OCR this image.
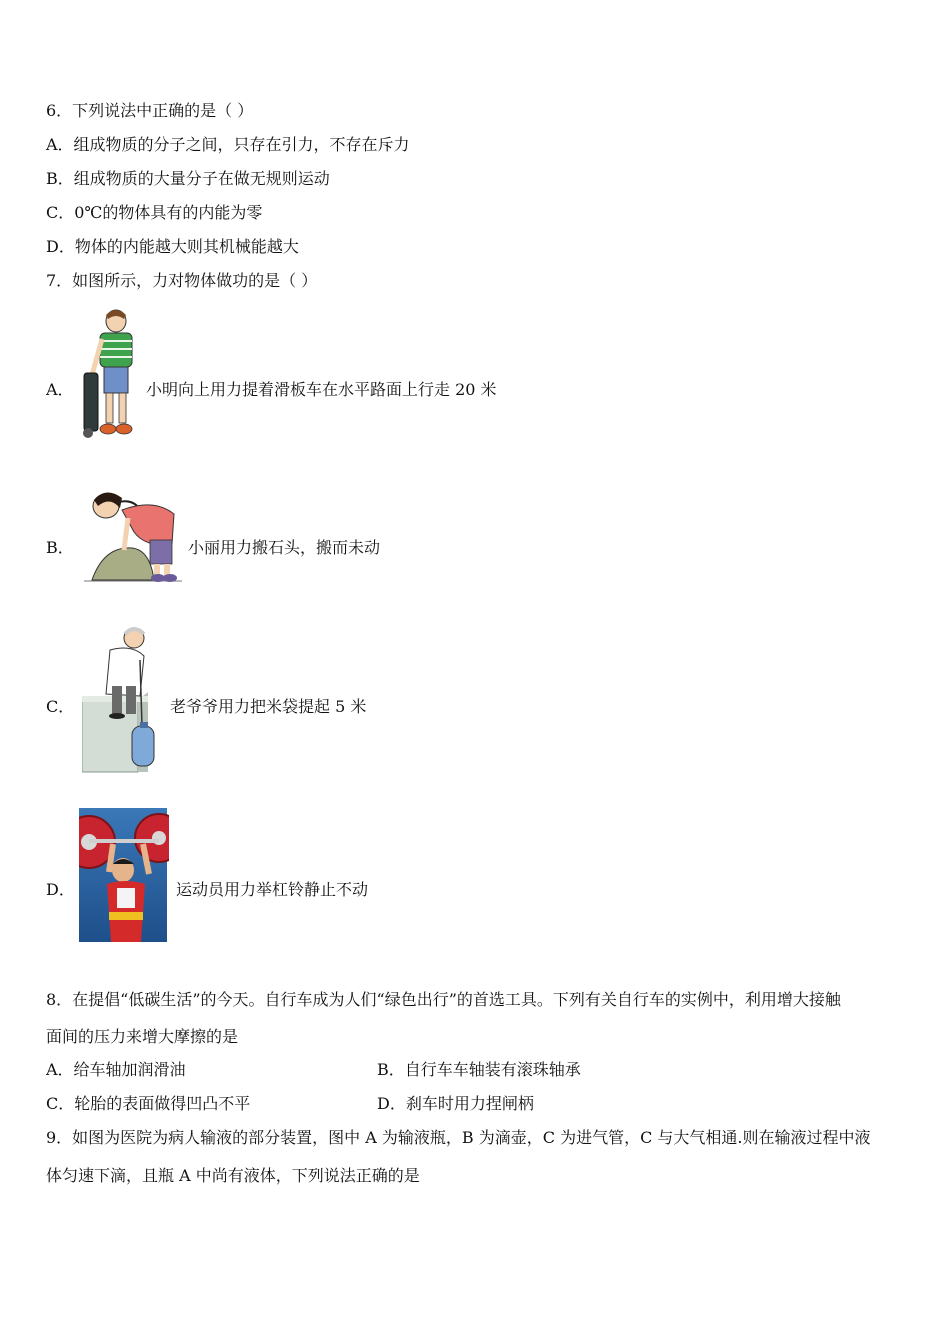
6．下列说法中正确的是（ ）
A．组成物质的分子之间，只存在引力，不存在斥力
B．组成物质的大量分子在做无规则运动
C．0℃的物体具有的内能为零
D．物体的内能越大则其机械能越大
7．如图所示，力对物体做功的是（ ）
A．	小明向上用力提着滑板车在水平路面上行走 20 米
B．	小丽用力搬石头，搬而未动
C．	老爷爷用力把米袋提起 5 米
D．	运动员用力举杠铃静止不动
8．在提倡“低碳生活”的今天。自行车成为人们“绿色出行”的首选工具。下列有关自行车的实例中，利用增大接触
面间的压力来增大摩擦的是
A．给车轴加润滑油	B．自行车车轴装有滚珠轴承
C．轮胎的表面做得凹凸不平	D．刹车时用力捏闸柄
9．如图为医院为病人输液的部分装置，图中 A 为输液瓶，B 为滴壶，C 为进气管，C 与大气相通.则在输液过程中液
体匀速下滴，且瓶 A 中尚有液体，下列说法正确的是
